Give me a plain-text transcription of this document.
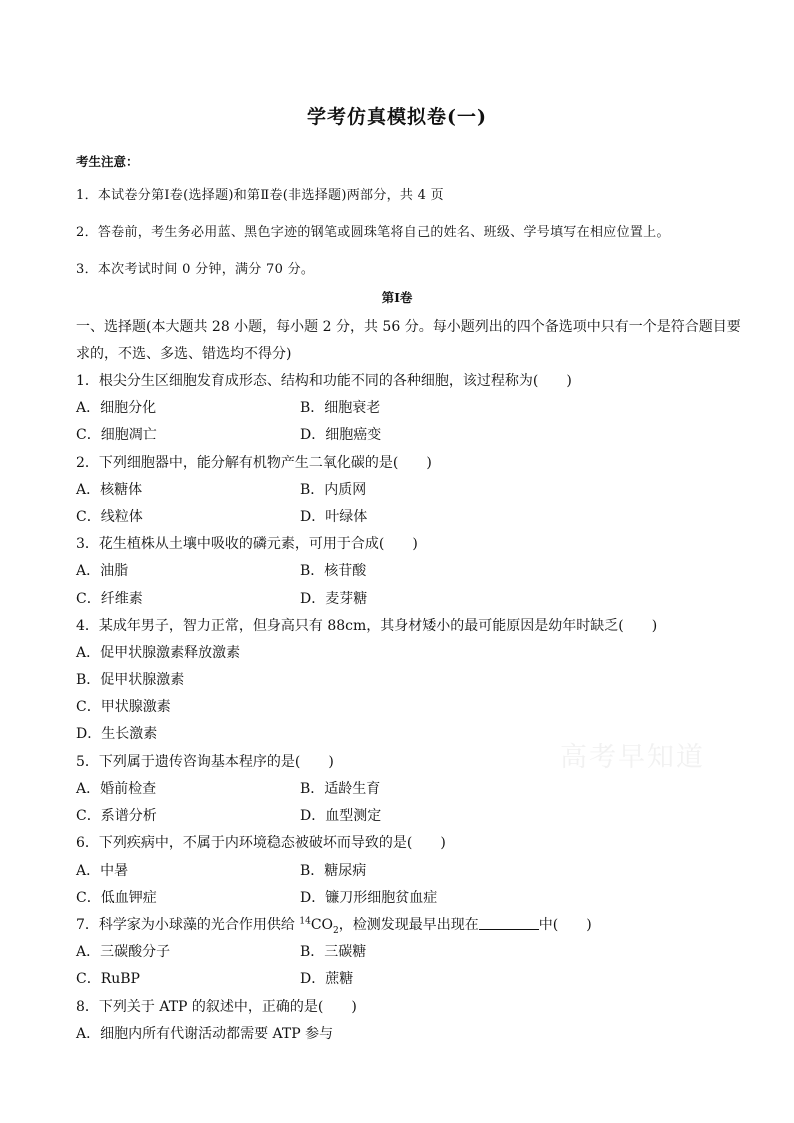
学考仿真模拟卷(一)
考生注意：
1．本试卷分第Ⅰ卷(选择题)和第Ⅱ卷(非选择题)两部分，共 4 页
2．答卷前，考生务必用蓝、黑色字迹的钢笔或圆珠笔将自己的姓名、班级、学号填写在相应位置上。
3．本次考试时间 0 分钟，满分 70 分。
第Ⅰ卷
一、选择题(本大题共 28 小题，每小题 2 分，共 56 分。每小题列出的四个备选项中只有一个是符合题目要
求的，不选、多选、错选均不得分)
1．根尖分生区细胞发育成形态、结构和功能不同的各种细胞，该过程称为(　　)
A．细胞分化	B．细胞衰老
C．细胞凋亡	D．细胞癌变
2．下列细胞器中，能分解有机物产生二氧化碳的是(　　)
A．核糖体	B．内质网
C．线粒体	D．叶绿体
3．花生植株从土壤中吸收的磷元素，可用于合成(　　)
A．油脂	B．核苷酸
C．纤维素	D．麦芽糖
4．某成年男子，智力正常，但身高只有 88cm，其身材矮小的最可能原因是幼年时缺乏(　　)
A．促甲状腺激素释放激素
B．促甲状腺激素
C．甲状腺激素
D．生长激素
5．下列属于遗传咨询基本程序的是(　　)
A．婚前检查	B．适龄生育
C．系谱分析	D．血型测定
6．下列疾病中，不属于内环境稳态被破坏而导致的是(　　)
A．中暑	B．糖尿病
C．低血钾症	D．镰刀形细胞贫血症
7．科学家为小球藻的光合作用供给 $^{14}CO_2$，检测发现最早出现在	中(　　)
A．三碳酸分子	B．三碳糖
C．RuBP	D．蔗糖
8．下列关于 ATP 的叙述中，正确的是(　　)
A．细胞内所有代谢活动都需要 ATP 参与
高考早知道
